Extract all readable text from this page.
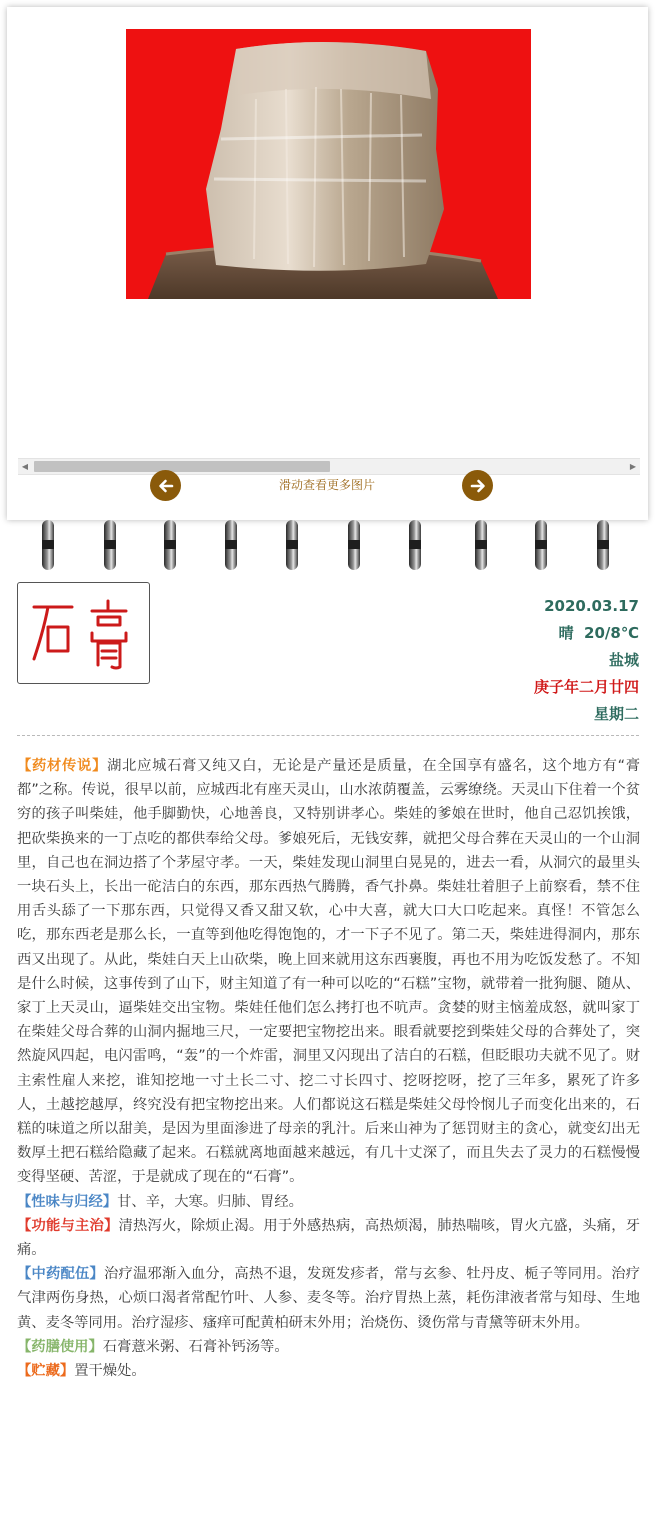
◀	▶
滑动查看更多图片
2020.03.17
晴  20/8℃
盐城
庚子年二月廿四
星期二

【药材传说】湖北应城石膏又纯又白，无论是产量还是质量，在全国享有盛名，这个地方有“膏都”之称。传说，很早以前，应城西北有座天灵山，山水浓荫覆盖，云雾缭绕。天灵山下住着一个贫穷的孩子叫柴娃，他手脚勤快，心地善良，又特别讲孝心。柴娃的爹娘在世时，他自己忍饥挨饿，把砍柴换来的一丁点吃的都供奉给父母。爹娘死后，无钱安葬，就把父母合葬在天灵山的一个山洞里，自己也在洞边搭了个茅屋守孝。一天，柴娃发现山洞里白晃晃的，进去一看，从洞穴的最里头一块石头上，长出一砣洁白的东西，那东西热气腾腾，香气扑鼻。柴娃壮着胆子上前察看，禁不住用舌头舔了一下那东西，只觉得又香又甜又软，心中大喜，就大口大口吃起来。真怪！不管怎么吃，那东西老是那么长，一直等到他吃得饱饱的，才一下子不见了。第二天，柴娃进得洞内，那东西又出现了。从此，柴娃白天上山砍柴，晚上回来就用这东西裹腹，再也不用为吃饭发愁了。不知是什么时候，这事传到了山下，财主知道了有一种可以吃的“石糕”宝物，就带着一批狗腿、随从、家丁上天灵山，逼柴娃交出宝物。柴娃任他们怎么拷打也不吭声。贪婪的财主恼羞成怒，就叫家丁在柴娃父母合葬的山洞内掘地三尺，一定要把宝物挖出来。眼看就要挖到柴娃父母的合葬处了，突然旋风四起，电闪雷鸣，“轰”的一个炸雷，洞里又闪现出了洁白的石糕，但眨眼功夫就不见了。财主索性雇人来挖，谁知挖地一寸土长二寸、挖二寸长四寸、挖呀挖呀，挖了三年多，累死了许多人，土越挖越厚，终究没有把宝物挖出来。人们都说这石糕是柴娃父母怜悯儿子而变化出来的，石糕的味道之所以甜美，是因为里面渗进了母亲的乳汁。后来山神为了惩罚财主的贪心，就变幻出无数厚土把石糕给隐藏了起来。石糕就离地面越来越远，有几十丈深了，而且失去了灵力的石糕慢慢变得坚硬、苦涩，于是就成了现在的“石膏”。

【性味与归经】甘、辛，大寒。归肺、胃经。

【功能与主治】清热泻火，除烦止渴。用于外感热病，高热烦渴，肺热喘咳，胃火亢盛，头痛，牙痛。

【中药配伍】治疗温邪渐入血分，高热不退，发斑发疹者，常与玄参、牡丹皮、栀子等同用。治疗气津两伤身热，心烦口渴者常配竹叶、人参、麦冬等。治疗胃热上蒸，耗伤津液者常与知母、生地黄、麦冬等同用。治疗湿疹、瘙痒可配黄柏研末外用；治烧伤、烫伤常与青黛等研末外用。

【药膳使用】石膏薏米粥、石膏补钙汤等。

【贮藏】置干燥处。
